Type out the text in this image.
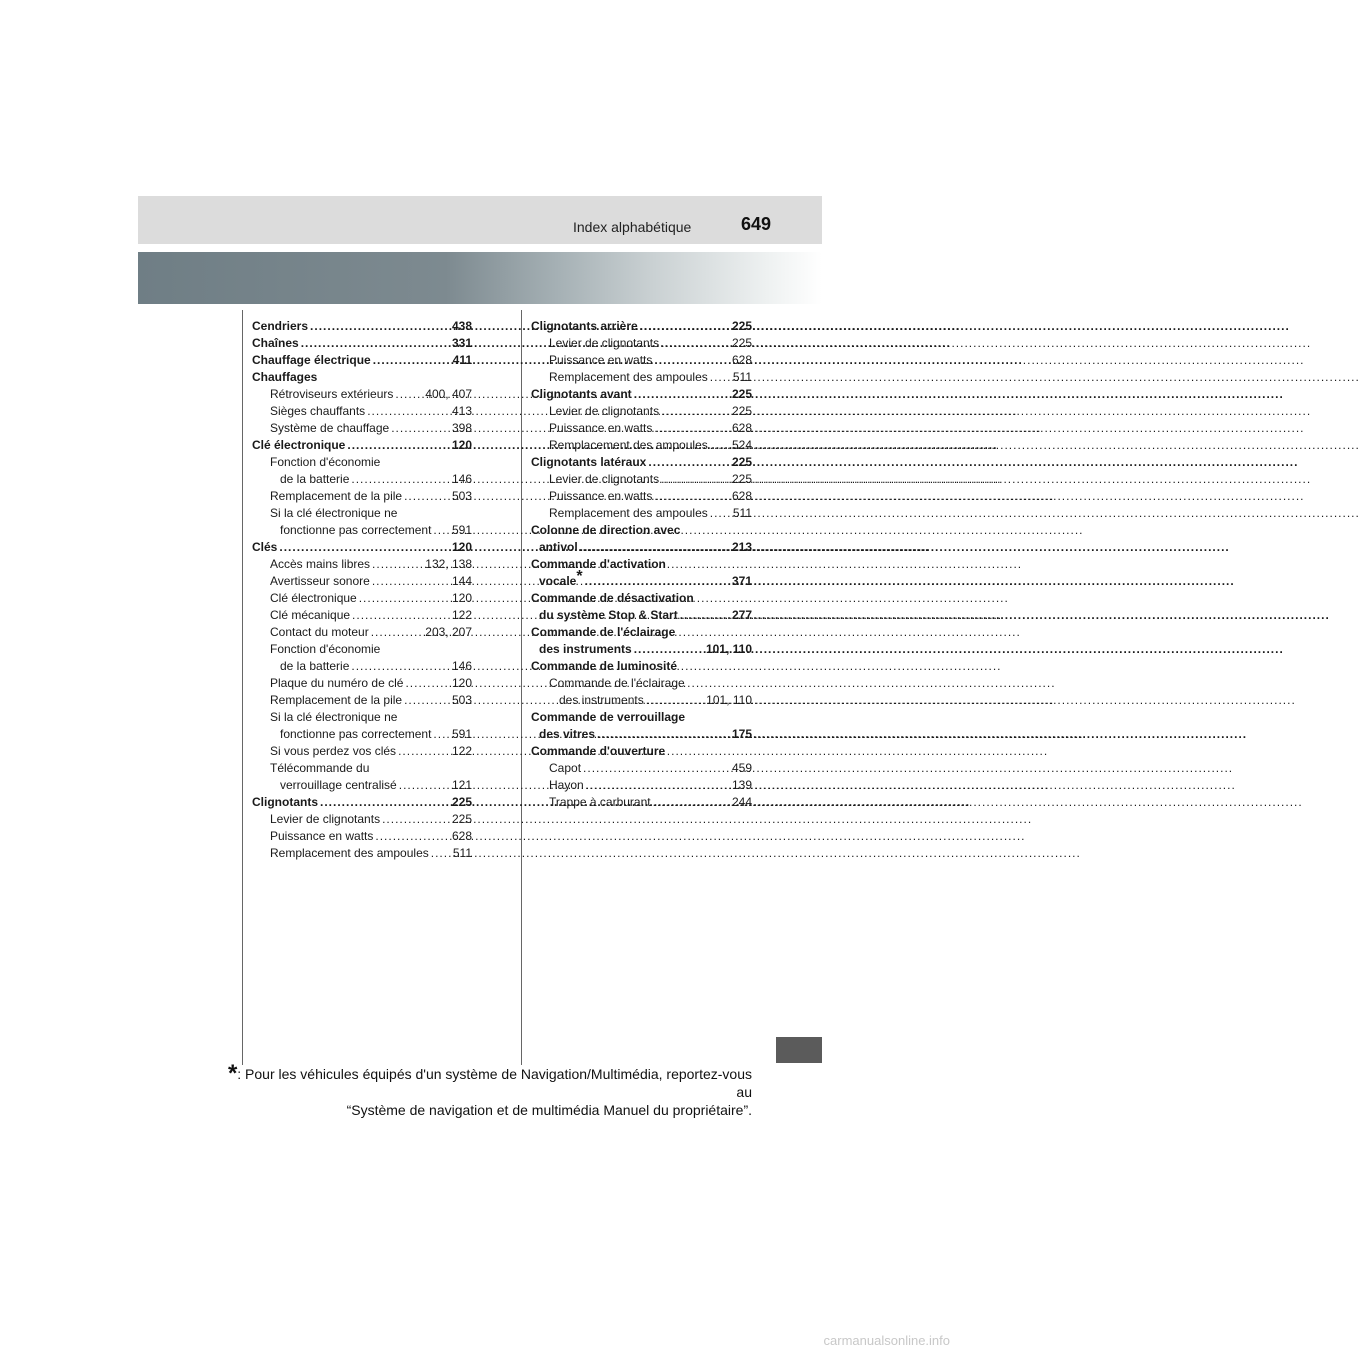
Index alphabétique	649
Cendriers .....	438
Chaînes .....	331
Chauffage électrique .....	411
Chauffages
Rétroviseurs extérieurs .....	400, 407
Sièges chauffants .....	413
Système de chauffage .....	398
Clé électronique .....	120
Fonction d'économie
de la batterie .....	146
Remplacement de la pile .....	503
Si la clé électronique ne
fonctionne pas correctement ..... 591
Clés .....	120
Accès mains libres .....	132, 138
Avertisseur sonore .....	144
Clé électronique .....	120
Clé mécanique .....	122
Contact du moteur .....	203, 207
Fonction d'économie
de la batterie .....	146
Plaque du numéro de clé .....	120
Remplacement de la pile .....	503
Si la clé électronique ne
fonctionne pas correctement ..... 591
Si vous perdez vos clés .....	122
Télécommande du
verrouillage centralisé .....	121
Clignotants .....	225
Levier de clignotants .....	225
Puissance en watts .....	628
Remplacement des ampoules ..... 511
Clignotants arrière .....	225
Levier de clignotants .....	225
Puissance en watts .....	628
Remplacement des ampoules ..... 511
Clignotants avant .....	225
Levier de clignotants .....	225
Puissance en watts .....	628
Remplacement des ampoules ..... 524
Clignotants latéraux .....	225
Levier de clignotants .....	225
Puissance en watts .....	628
Remplacement des ampoules ..... 511
Colonne de direction avec
antivol .....	213
Commande d'activation
vocale* .....	371
Commande de désactivation
du système Stop & Start .....	277
Commande de l'éclairage
des instruments .....	101, 110
Commande de luminosité
Commande de l'éclairage
des instruments .....	101, 110
Commande de verrouillage
des vitres .....	175
Commande d'ouverture
Capot .....	459
Hayon .....	139
Trappe à carburant .....	244
*: Pour les véhicules équipés d'un système de Navigation/Multimédia, reportez-vous au
“Système de navigation et de multimédia Manuel du propriétaire”.
carmanualsonline.info
